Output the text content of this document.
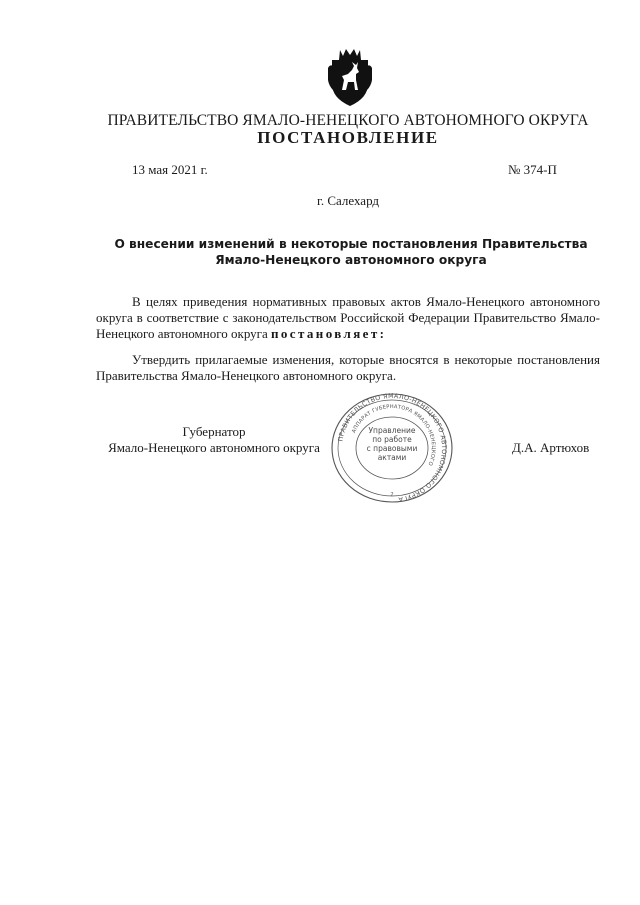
ПРАВИТЕЛЬСТВО ЯМАЛО-НЕНЕЦКОГО АВТОНОМНОГО ОКРУГА
ПОСТАНОВЛЕНИЕ
13 мая 2021 г.	№ 374-П
г. Салехард
О внесении изменений в некоторые постановления Правительства Ямало-Ненецкого автономного округа
В целях приведения нормативных правовых актов Ямало-Ненецкого автономного округа в соответствие с законодательством Российской Федерации Правительство Ямало-Ненецкого автономного округа постановляет:
Утвердить прилагаемые изменения, которые вносятся в некоторые постановления Правительства Ямало-Ненецкого автономного округа.
Губернатор
Ямало-Ненецкого автономного округа	Д.А. Артюхов
ПРАВИТЕЛЬСТВО ЯМАЛО-НЕНЕЦКОГО АВТОНОМНОГО ОКРУГА
АППАРАТ ГУБЕРНАТОРА ЯМАЛО-НЕНЕЦКОГО
2
Управление
по работе
с правовыми
актами
